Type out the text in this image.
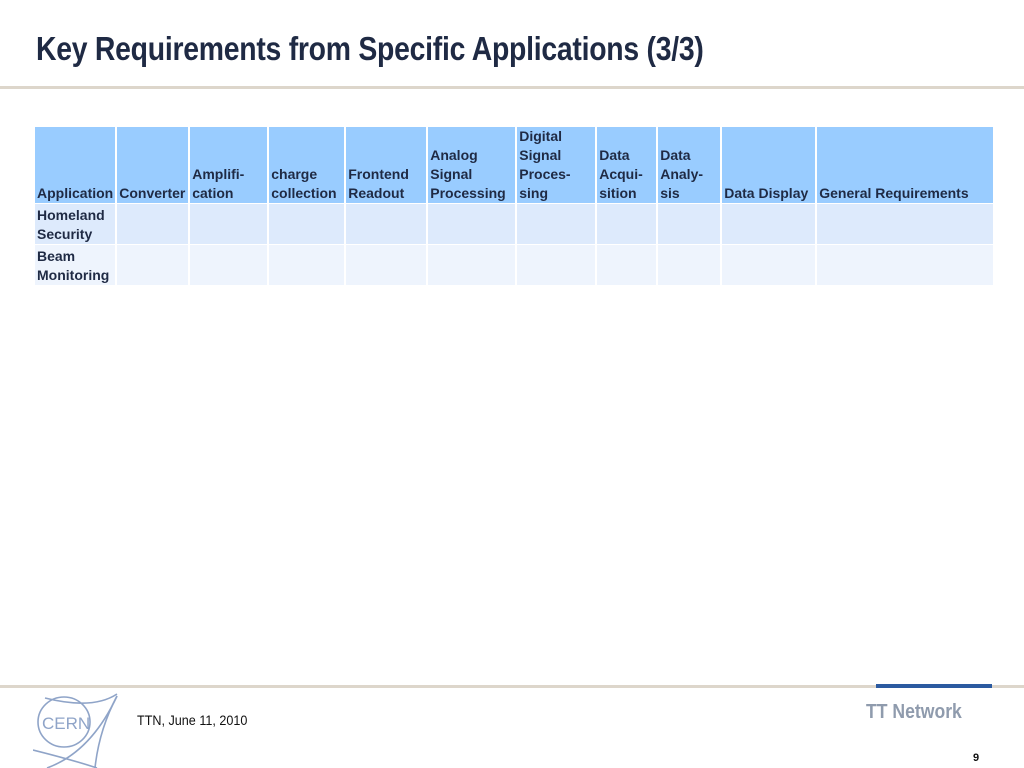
Key Requirements from Specific Applications (3/3)
Application	Converter	Amplifi-cation	charge collection	Frontend Readout	Analog Signal Processing	Digital Signal Proces-sing	Data Acqui-sition	Data Analy-sis	Data Display	General Requirements
Homeland Security										
Beam Monitoring										
CERN	TTN, June 11, 2010	TT Network
9
